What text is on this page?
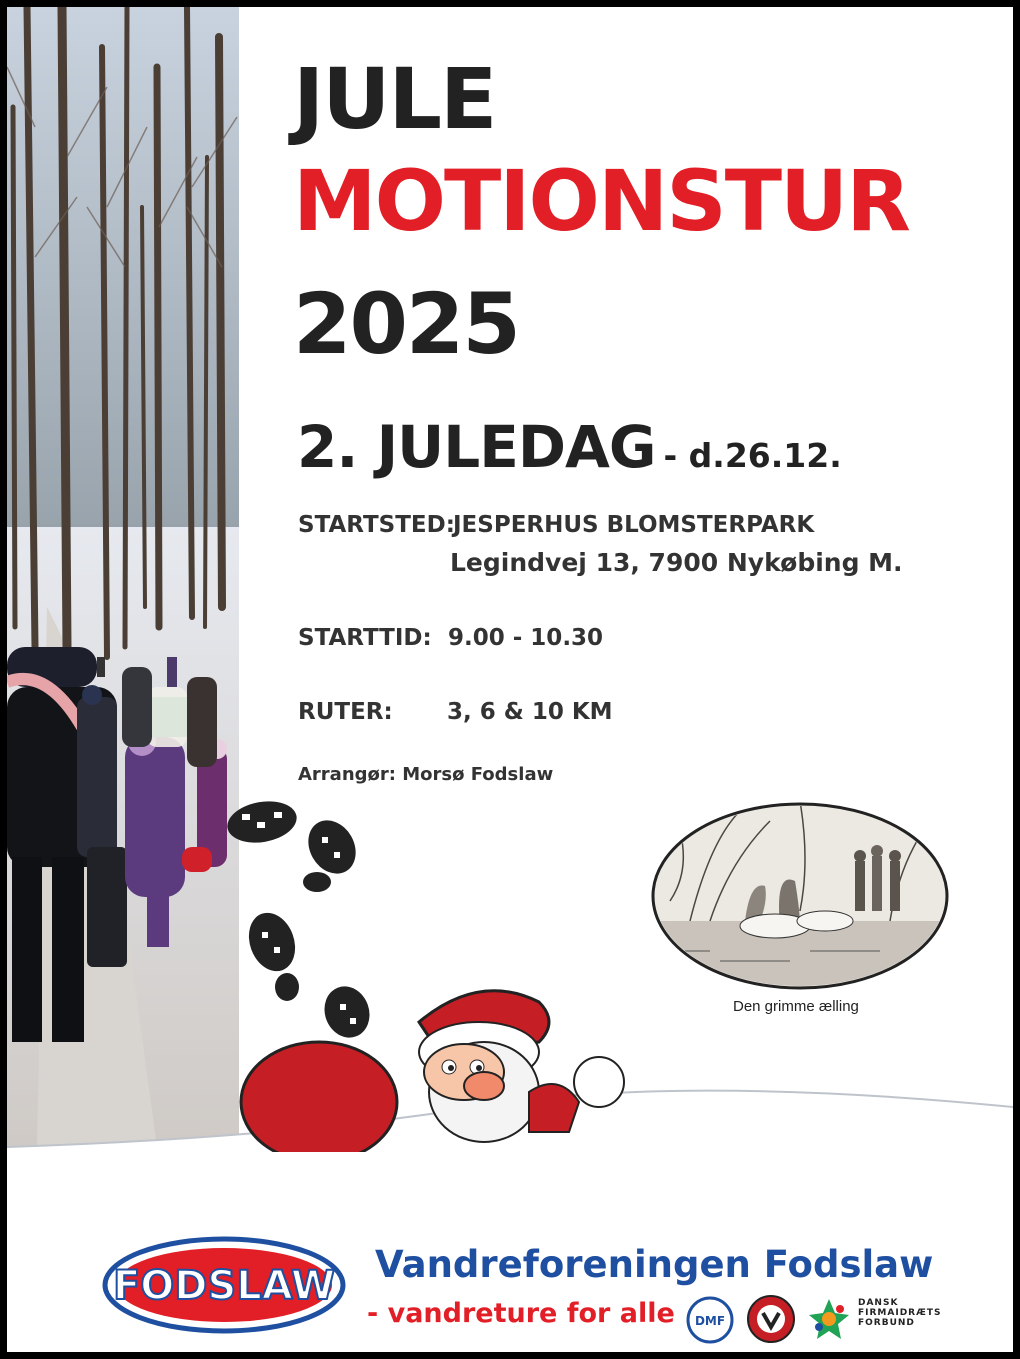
JULE
MOTIONSTUR
2025
2. JULEDAG - d.26.12.
STARTSTED:
JESPERHUS BLOMSTERPARK
Legindvej 13, 7900 Nykøbing M.
STARTTID: 9.00 - 10.30
RUTER: 3, 6 & 10 KM
Arrangør: Morsø Fodslaw
Den grimme ælling
FODSLAW Vandreforeningen Fodslaw
- vandreture for alle DMF
DANSK
FIRMAIDRÆTS
FORBUND
